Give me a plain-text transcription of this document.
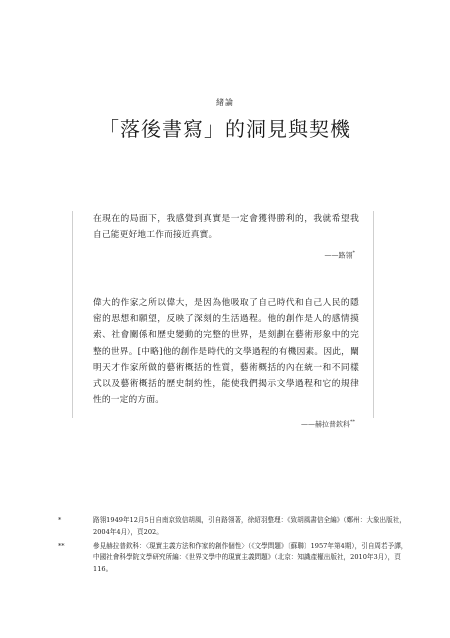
緒論
「落後書寫」的洞見與契機

在現在的局面下，我感覺到真實是一定會獲得勝利的，我就希望我自己能更好地工作而接近真實。

——路翎*

偉大的作家之所以偉大，是因為他吸取了自己時代和自己人民的隱密的思想和願望，反映了深刻的生活過程。他的創作是人的感情摸索、社會關係和歷史變動的完整的世界，是刻劃在藝術形象中的完整的世界。[中略]他的創作是時代的文學過程的有機因素。因此，闡明天才作家所做的藝術概括的性質，藝術概括的內在統一和不同樣式以及藝術概括的歷史制約性，能使我們揭示文學過程和它的規律性的一定的方面。

——赫拉普欽科**
*	路翎1949年12月5日自南京致信胡風，引自路翎著，徐紹羽整理：《致胡風書信全編》（鄭州：大象出版社，2004年4月），頁202。
**	參見赫拉普欽科：〈現實主義方法和作家的創作個性〉（《文學問題》〔蘇聯〕1957年第4期），引自周若予譯，中國社會科學院文學研究所編：《世界文學中的現實主義問題》（北京：知識產權出版社，2010年3月），頁116。
